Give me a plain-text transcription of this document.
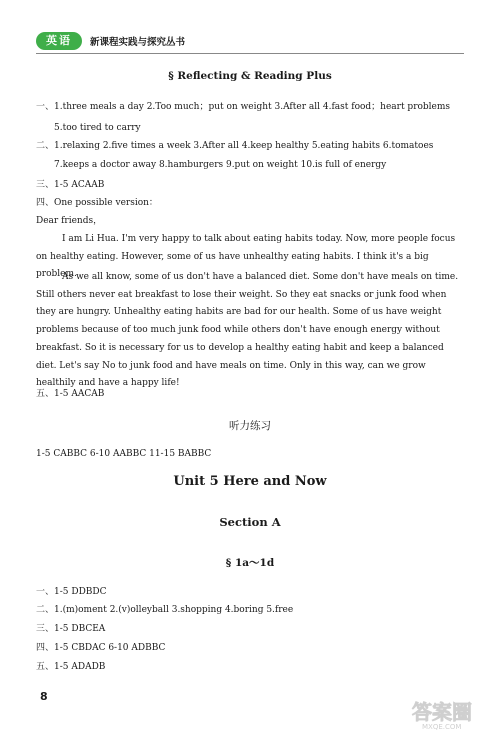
英语	新课程实践与探究丛书
§ Reflecting & Reading Plus
一、1.three meals a day 2.Too much；put on weight 3.After all 4.fast food；heart problems
5.too tired to carry
二、1.relaxing 2.five times a week 3.After all 4.keep healthy 5.eating habits 6.tomatoes
7.keeps a doctor away 8.hamburgers 9.put on weight 10.is full of energy
三、1-5 ACAAB
四、One possible version：
Dear friends，
I am Li Hua. I'm very happy to talk about eating habits today. Now, more people focus on healthy eating. However, some of us have unhealthy eating habits. I think it's a big problem.
As we all know, some of us don't have a balanced diet. Some don't have meals on time. Still others never eat breakfast to lose their weight. So they eat snacks or junk food when they are hungry. Unhealthy eating habits are bad for our health. Some of us have weight problems because of too much junk food while others don't have enough energy without breakfast. So it is necessary for us to develop a healthy eating habit and keep a balanced diet. Let's say No to junk food and have meals on time. Only in this way, can we grow healthily and have a happy life!
五、1-5 AACAB
听力练习
1-5 CABBC 6-10 AABBC 11-15 BABBC
Unit 5 Here and Now
Section A
§ 1a～1d
一、1-5 DDBDC
二、1.(m)oment 2.(v)olleyball 3.shopping 4.boring 5.free
三、1-5 DBCEA
四、1-5 CBDAC 6-10 ADBBC
五、1-5 ADADB
8
答案圈
MXQE.COM
